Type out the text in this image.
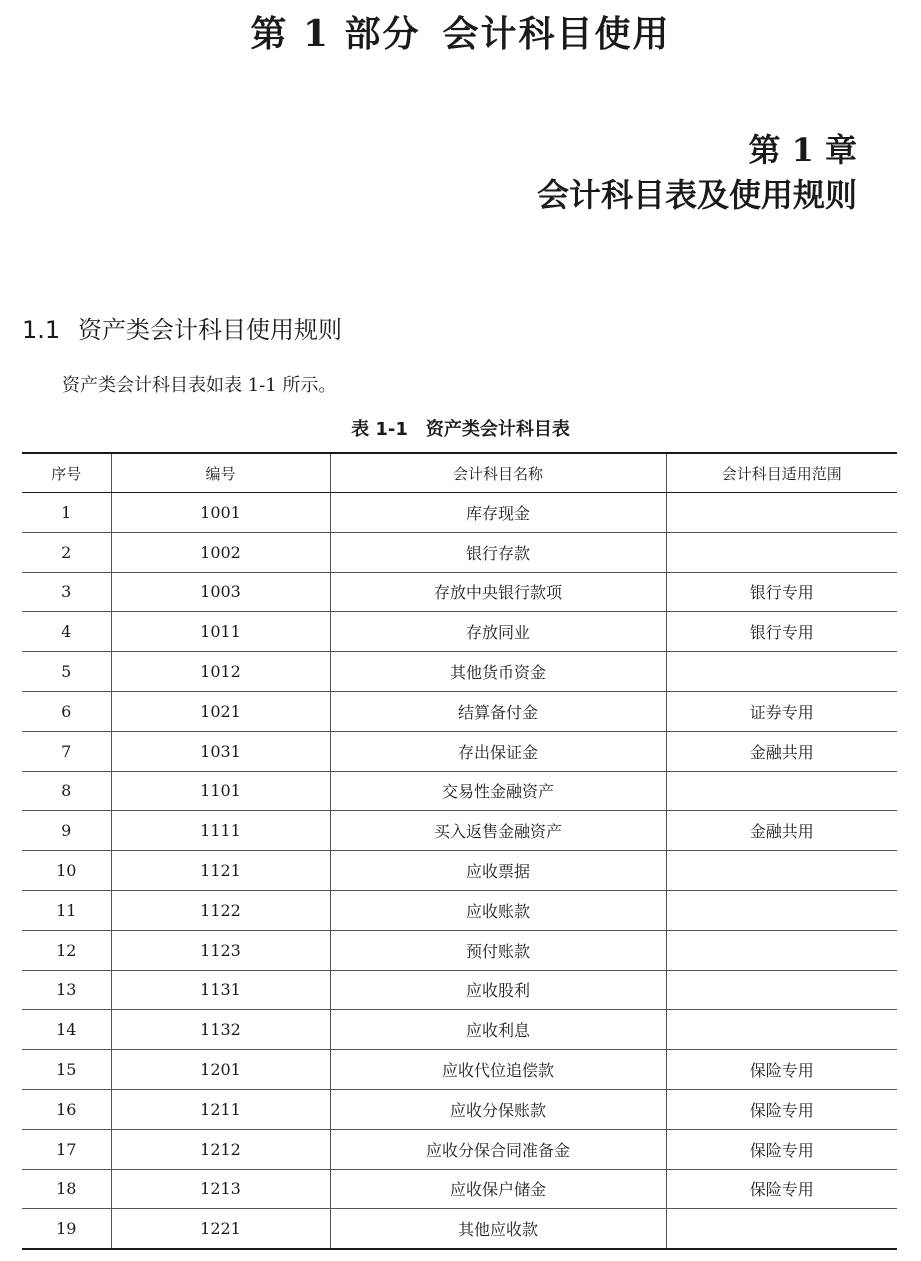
第 1 部分 会计科目使用
第 1 章
会计科目表及使用规则
1.1 资产类会计科目使用规则

资产类会计科目表如表 1-1 所示。

表 1-1 资产类会计科目表
序号	编号	会计科目名称	会计科目适用范围
1	1001	库存现金	
2	1002	银行存款	
3	1003	存放中央银行款项	银行专用
4	1011	存放同业	银行专用
5	1012	其他货币资金	
6	1021	结算备付金	证券专用
7	1031	存出保证金	金融共用
8	1101	交易性金融资产	
9	1111	买入返售金融资产	金融共用
10	1121	应收票据	
11	1122	应收账款	
12	1123	预付账款	
13	1131	应收股利	
14	1132	应收利息	
15	1201	应收代位追偿款	保险专用
16	1211	应收分保账款	保险专用
17	1212	应收分保合同准备金	保险专用
18	1213	应收保户储金	保险专用
19	1221	其他应收款	
